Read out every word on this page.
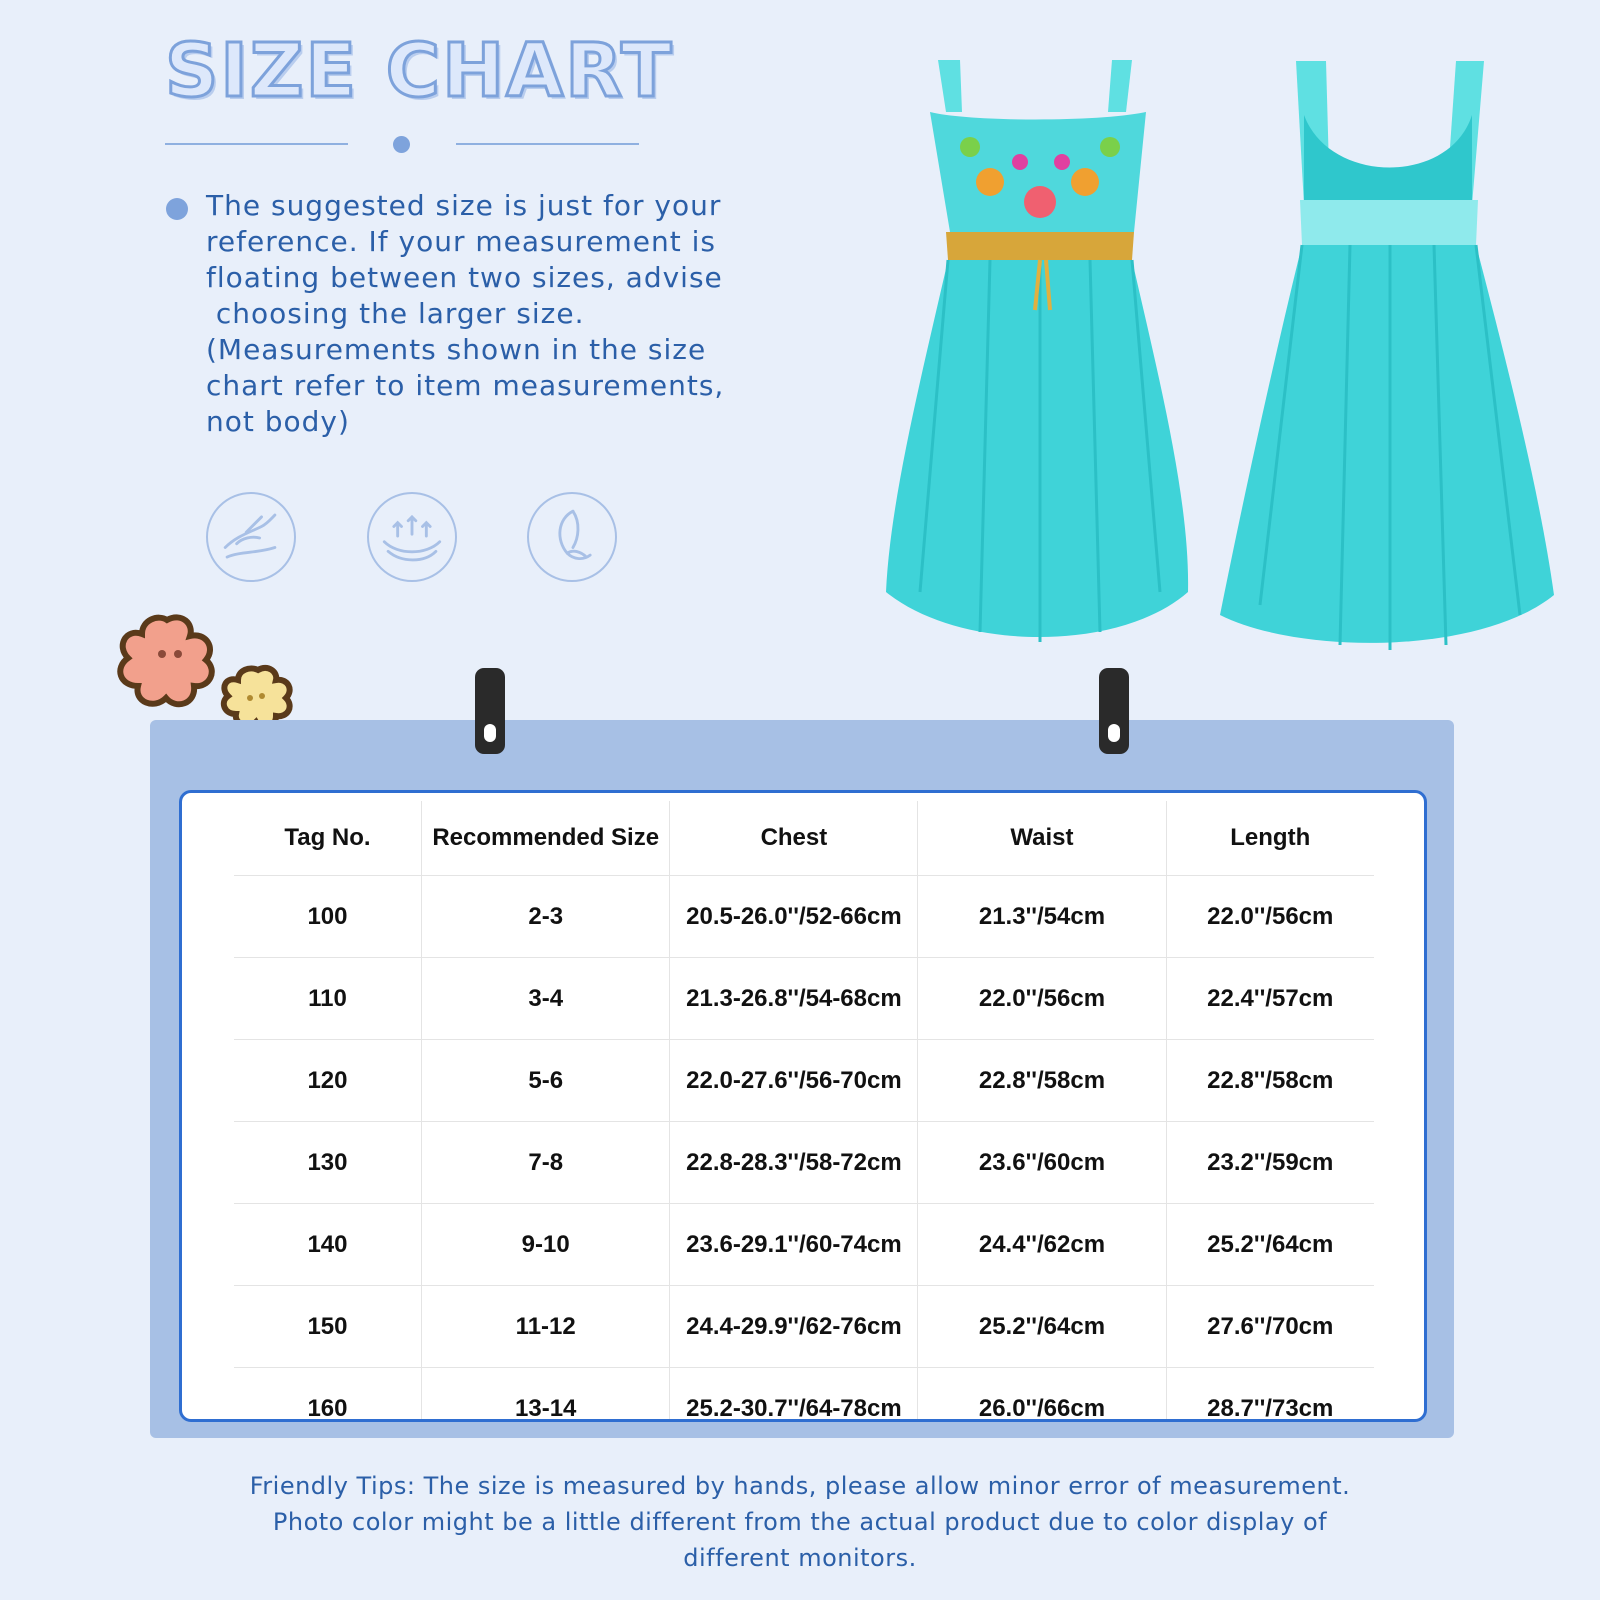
SIZE CHART

The suggested size is just for your
reference. If your measurement is
floating between two sizes, advise
choosing the larger size.
(Measurements shown in the size
chart refer to item measurements,
not body)

Tag No.	Recommended Size	Chest	Waist	Length
100	2-3	20.5-26.0''/52-66cm	21.3''/54cm	22.0''/56cm
110	3-4	21.3-26.8''/54-68cm	22.0''/56cm	22.4''/57cm
120	5-6	22.0-27.6''/56-70cm	22.8''/58cm	22.8''/58cm
130	7-8	22.8-28.3''/58-72cm	23.6''/60cm	23.2''/59cm
140	9-10	23.6-29.1''/60-74cm	24.4''/62cm	25.2''/64cm
150	11-12	24.4-29.9''/62-76cm	25.2''/64cm	27.6''/70cm
160	13-14	25.2-30.7''/64-78cm	26.0''/66cm	28.7''/73cm

Friendly Tips: The size is measured by hands, please allow minor error of measurement.
Photo color might be a little different from the actual product due to color display of
different monitors.
